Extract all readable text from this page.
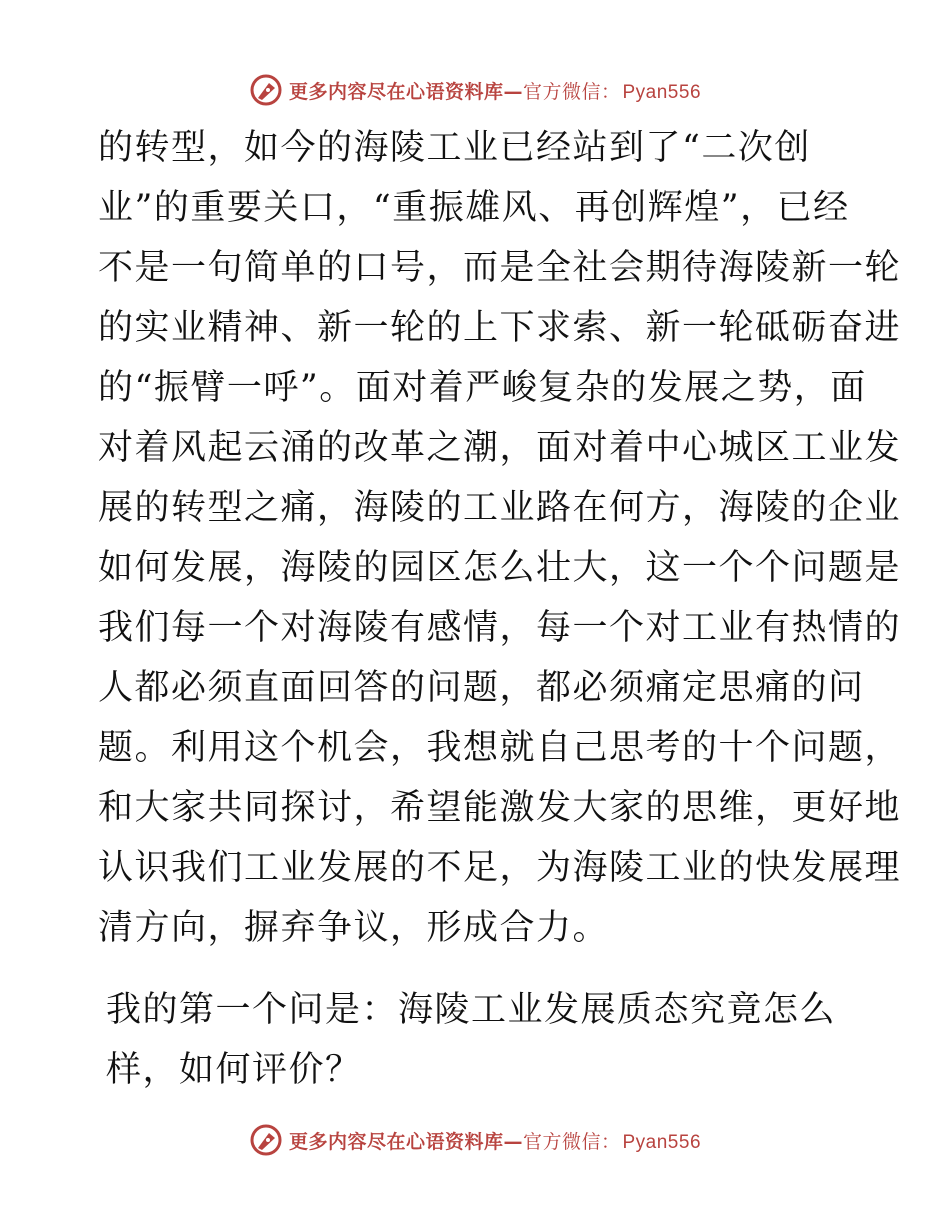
更多内容尽在心语资料库 — 官方微信： Pyan556
的转型，如今的海陵工业已经站到了“二次创
业”的重要关口，“重振雄风、再创辉煌”，已经
不是一句简单的口号，而是全社会期待海陵新一轮
的实业精神、新一轮的上下求索、新一轮砥砺奋进
的“振臂一呼”。面对着严峻复杂的发展之势，面
对着风起云涌的改革之潮，面对着中心城区工业发
展的转型之痛，海陵的工业路在何方，海陵的企业
如何发展，海陵的园区怎么壮大，这一个个问题是
我们每一个对海陵有感情，每一个对工业有热情的
人都必须直面回答的问题，都必须痛定思痛的问
题。利用这个机会，我想就自己思考的十个问题，
和大家共同探讨，希望能激发大家的思维，更好地
认识我们工业发展的不足，为海陵工业的快发展理
清方向，摒弃争议，形成合力。
我的第一个问是：海陵工业发展质态究竟怎么
样，如何评价？
更多内容尽在心语资料库 — 官方微信： Pyan556
